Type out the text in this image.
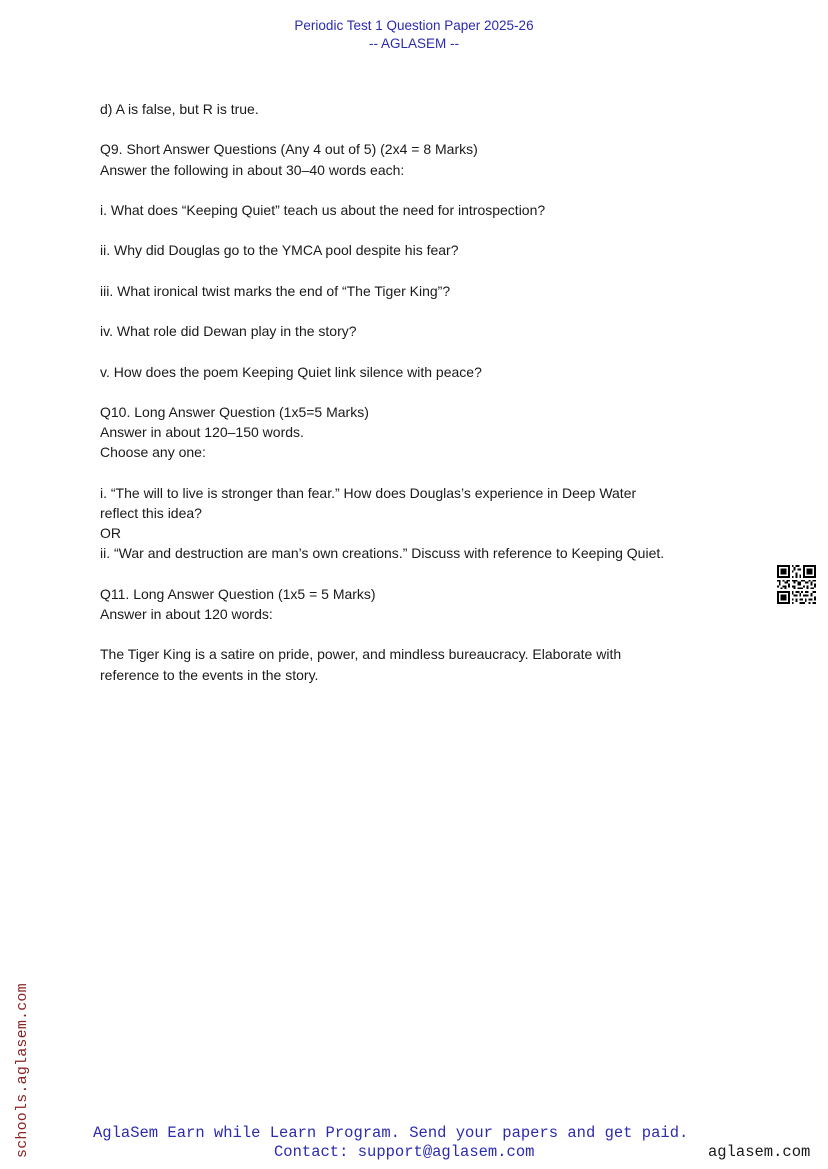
Periodic Test 1 Question Paper 2025-26
-- AGLASEM --
d) A is false, but R is true.
Q9. Short Answer Questions (Any 4 out of 5) (2x4 = 8 Marks)
Answer the following in about 30–40 words each:
i. What does “Keeping Quiet” teach us about the need for introspection?
ii. Why did Douglas go to the YMCA pool despite his fear?
iii. What ironical twist marks the end of “The Tiger King”?
iv. What role did Dewan play in the story?
v. How does the poem Keeping Quiet link silence with peace?
Q10. Long Answer Question (1x5=5 Marks)
Answer in about 120–150 words.
Choose any one:
i. “The will to live is stronger than fear.” How does Douglas’s experience in Deep Water
reflect this idea?
OR
ii. “War and destruction are man’s own creations.” Discuss with reference to Keeping Quiet.
Q11. Long Answer Question (1x5 = 5 Marks)
Answer in about 120 words:
The Tiger King is a satire on pride, power, and mindless bureaucracy. Elaborate with
reference to the events in the story.
schools.aglasem.com	AglaSem Earn while Learn Program. Send your papers and get paid.
Contact: support@aglasem.com	aglasem.com
